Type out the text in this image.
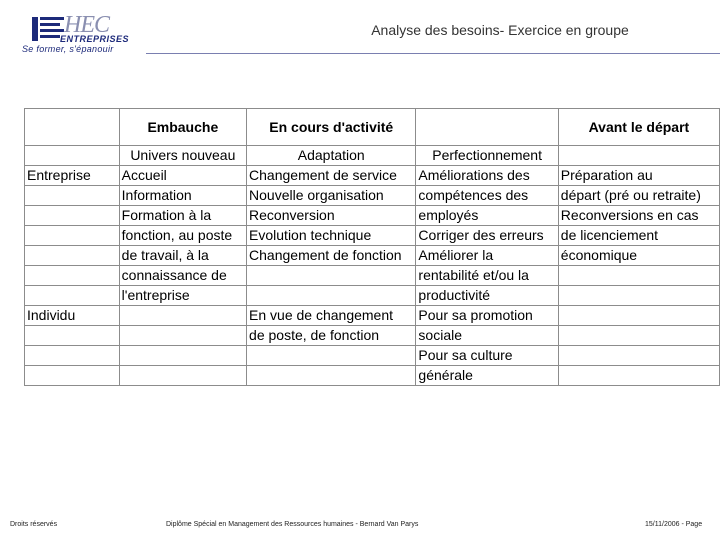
HEC
ENTREPRISES
Se former, s'épanouir
Analyse des besoins- Exercice en groupe
	Embauche	En cours d'activité		Avant le départ
	Univers nouveau	Adaptation	Perfectionnement	
Entreprise	Accueil	Changement de service	Améliorations des	Préparation au
	Information	Nouvelle organisation	compétences des	départ (pré ou retraite)
	Formation à la	Reconversion	employés	Reconversions en cas
	fonction, au poste	Evolution technique	Corriger des erreurs	de licenciement
	de travail, à la	Changement de fonction	Améliorer la	économique
	connaissance de		rentabilité et/ou la	
	l'entreprise		productivité	
Individu		En vue de changement	Pour sa promotion	
		de poste, de fonction	sociale	
			Pour sa culture	
			générale	
Droits réservés	Diplôme Spécial en Management des Ressources humaines - Bernard Van Parys	15/11/2006 - Page
